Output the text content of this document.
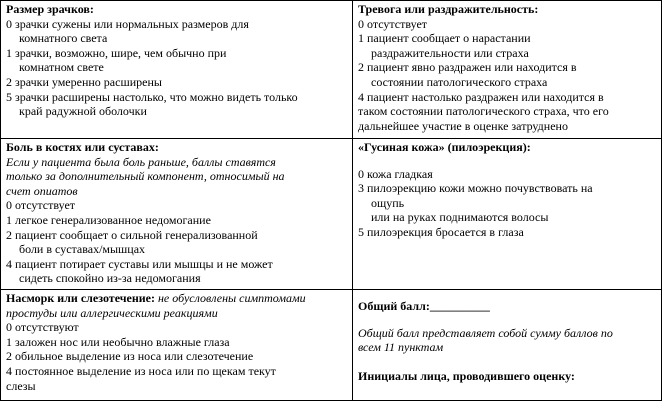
Размер зрачков:
0 зрачки сужены или нормальных размеров для
комнатного света
1 зрачки, возможно, шире, чем обычно при
комнатном свете
2 зрачки умеренно расширены
5 зрачки расширены настолько, что можно видеть только
край радужной оболочки
Тревога или раздражительность:
0 отсутствует
1 пациент сообщает о нарастании
раздражительности или страха
2 пациент явно раздражен или находится в
состоянии патологического страха
4 пациент настолько раздражен или находится в
таком состоянии патологического страха, что его
дальнейшее участие в оценке затруднено
Боль в костях или суставах:
Если у пациента была боль раньше, баллы ставятся
только за дополнительный компонент, относимый на
счет опиатов
0 отсутствует
1 легкое генерализованное недомогание
2 пациент сообщает о сильной генерализованной
боли в суставах/мышцах
4 пациент потирает суставы или мышцы и не может
сидеть спокойно из-за недомогания
«Гусиная кожа» (пилоэрекция):
0 кожа гладкая
3 пилоэрекцию кожи можно почувствовать на
ощупь
или на руках поднимаются волосы
5 пилоэрекция бросается в глаза
Насморк или слезотечение: не обусловлены симптомами
простуды или аллергическими реакциями
0 отсутствуют
1 заложен нос или необычно влажные глаза
2 обильное выделение из носа или слезотечение
4 постоянное выделение из носа или по щекам текут
слезы
Общий балл:__________
Общий балл представляет собой сумму баллов по
всем 11 пунктам
Инициалы лица, проводившего оценку:
